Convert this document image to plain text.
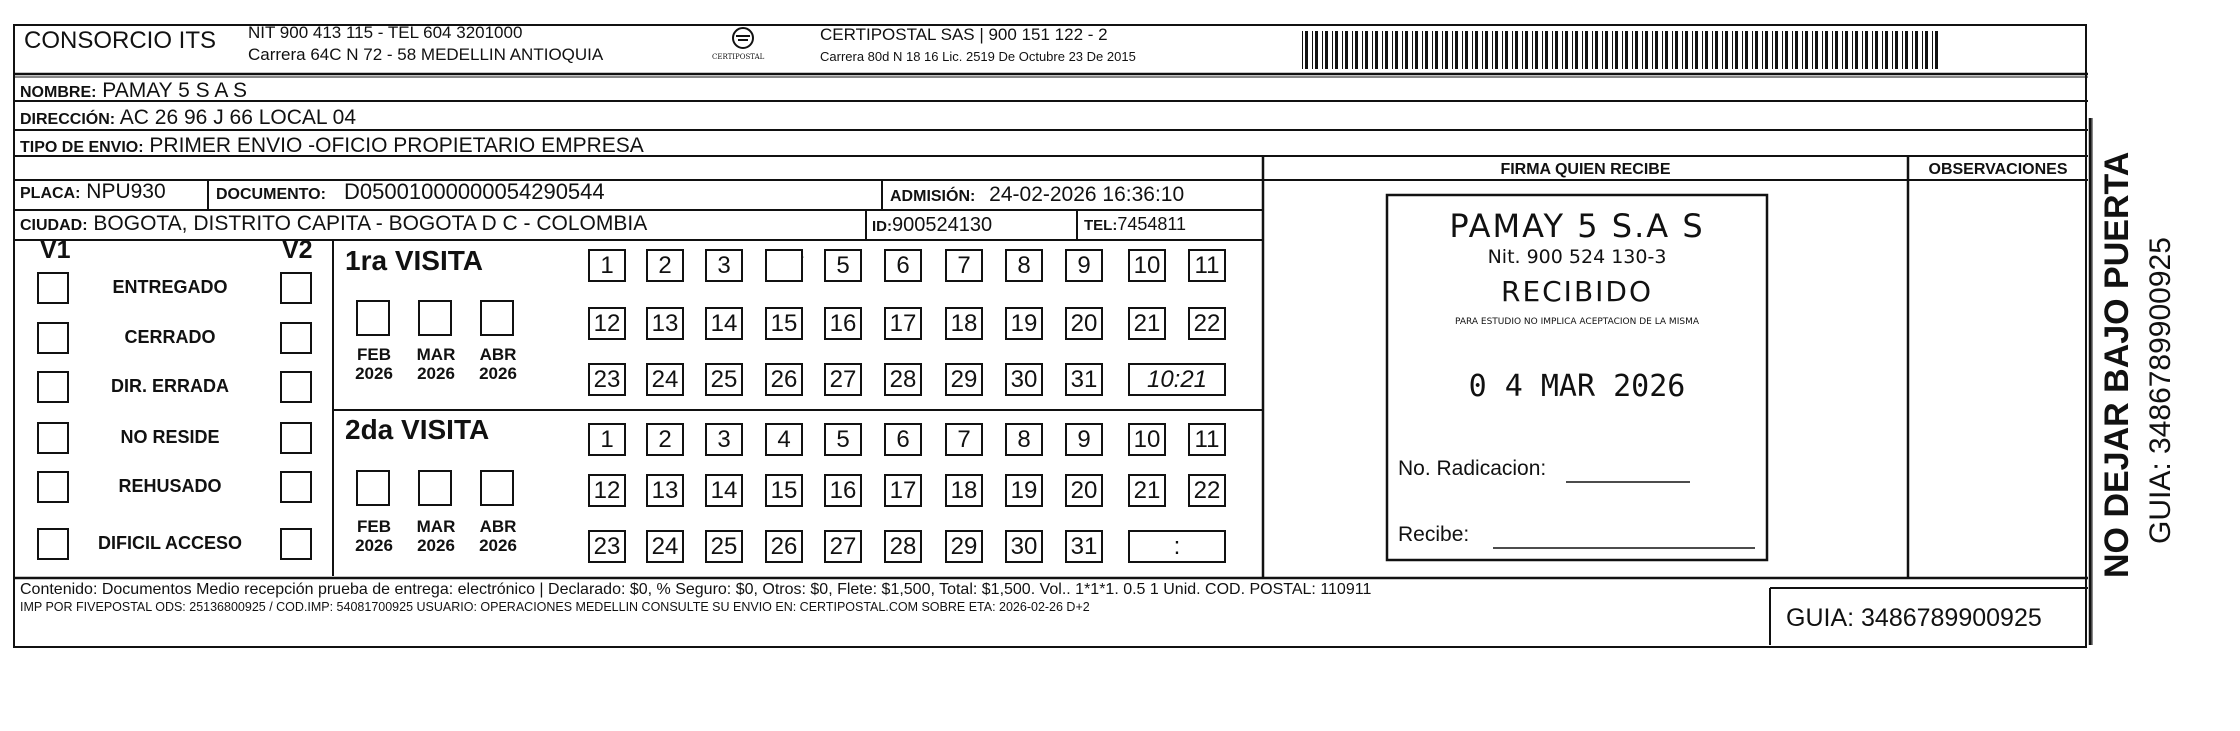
CONSORCIO ITS NIT 900 413 115 - TEL 604 3201000
Carrera 64C N 72 - 58 MEDELLIN ANTIOQUIA	CERTIPOSTAL
CERTIPOSTAL SAS | 900 151 122 - 2
Carrera 80d N 18 16 Lic. 2519 De Octubre 23 De 2015
NOMBRE: PAMAY 5 S A S
DIRECCIÓN: AC 26 96 J 66 LOCAL 04
TIPO DE ENVIO: PRIMER ENVIO -OFICIO PROPIETARIO EMPRESA
PLACA: NPU930	DOCUMENTO: D05001000000054290544	ADMISIÓN: 24-02-2026 16:36:10
CIUDAD: BOGOTA, DISTRITO CAPITA - BOGOTA D C - COLOMBIA	ID:900524130	TEL:7454811
V1	V2
ENTREGADO
CERRADO
DIR. ERRADA
NO RESIDE
REHUSADO
DIFICIL ACCESO
1ra VISITA
2da VISITA
FEB
2026
MAR
2026
ABR
2026
FEB
2026
MAR
2026
ABR
2026
1	2	3	5	6	7	8	9	10 11
12 13 14 15 16 17 18 19 20 21 22
23 24 25 26 27 28 29 30 31	10:21
1	2	3	4	5	6	7	8	9	10 11
12 13 14 15 16 17 18 19 20 21 22
23 24 25 26 27 28 29 30 31	:
FIRMA QUIEN RECIBE	OBSERVACIONES
PAMAY 5 S.A S
Nit. 900 524 130-3
RECIBIDO
PARA ESTUDIO NO IMPLICA ACEPTACION DE LA MISMA
0 4 MAR 2026
No. Radicacion:
Recibe:
Contenido: Documentos Medio recepción prueba de entrega: electrónico | Declarado: $0, % Seguro: $0, Otros: $0, Flete: $1,500, Total: $1,500. Vol.. 1*1*1. 0.5 1 Unid. COD. POSTAL: 110911
IMP POR FIVEPOSTAL ODS: 25136800925 / COD.IMP: 54081700925 USUARIO: OPERACIONES MEDELLIN CONSULTE SU ENVIO EN: CERTIPOSTAL.COM SOBRE ETA: 2026-02-26 D+2	GUIA: 3486789900925
NO DEJAR BAJO PUERTA GUIA: 3486789900925
